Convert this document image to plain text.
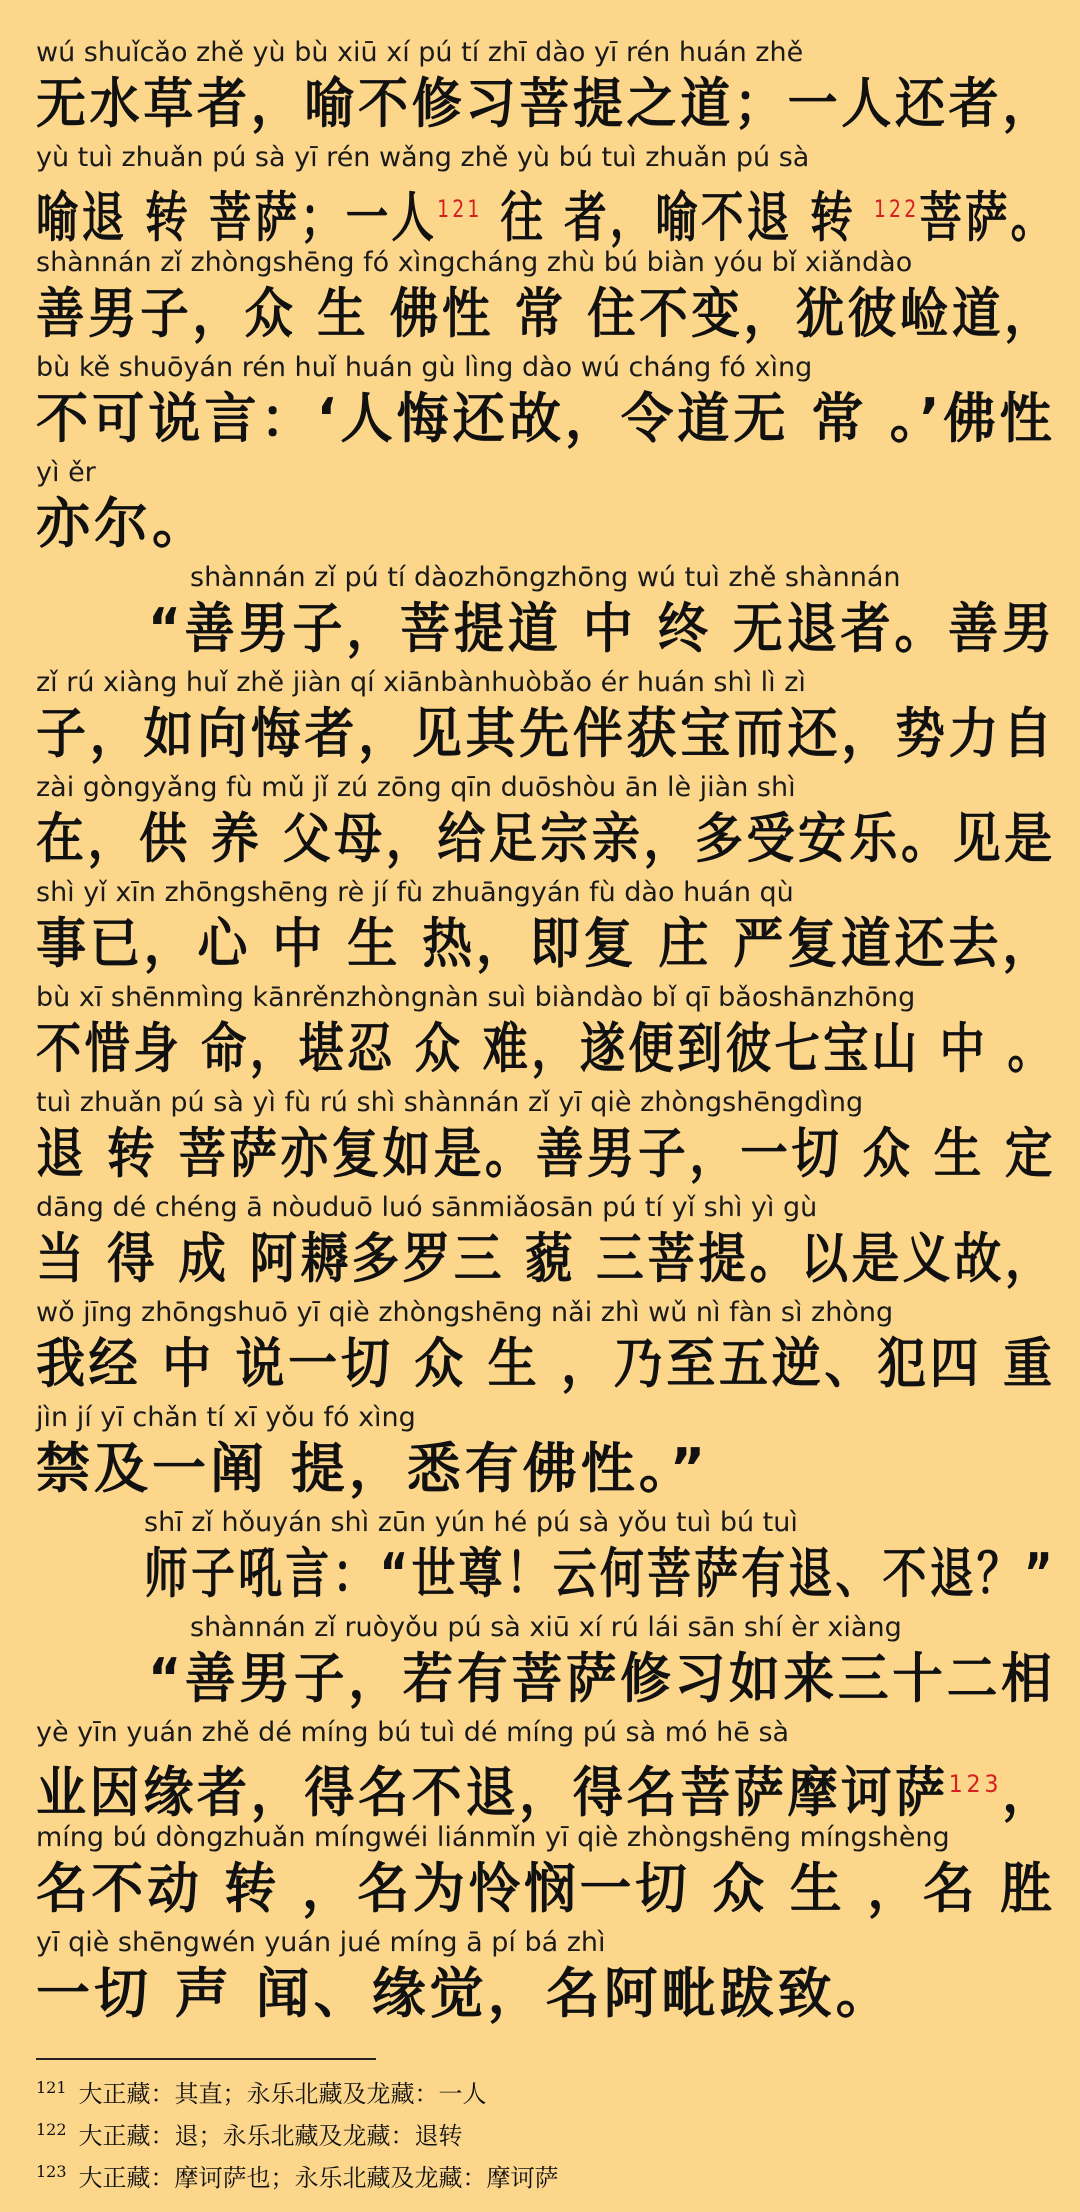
wú shuǐcǎo zhě yù bù xiū xí pú tí zhī dào yī rén huán zhě
无水草者，喻不修习菩提之道；一人还者，
yù tuì zhuǎn pú sà yī rén wǎng zhě yù bú tuì zhuǎn pú sà
喻退 转 菩萨；一人$^{121}$ 往 者，喻不退 转 $^{122}$菩萨。
shànnán zǐ zhòngshēng fó xìngcháng zhù bú biàn yóu bǐ xiǎndào
善男子，众 生 佛性 常 住不变，犹彼崄道，
bù kě shuōyán rén huǐ huán gù lìng dào wú cháng fó xìng
不可说言：‘人悔还故，令道无 常 。’佛性
yì ěr
亦尔。
shànnán zǐ pú tí dàozhōngzhōng wú tuì zhě shànnán
“善男子，菩提道 中 终 无退者。善男
zǐ rú xiàng huǐ zhě jiàn qí xiānbànhuòbǎo ér huán shì lì zì
子，如向悔者，见其先伴获宝而还，势力自
zài gòngyǎng fù mǔ jǐ zú zōng qīn duōshòu ān lè jiàn shì
在，供 养 父母，给足宗亲，多受安乐。见是
shì yǐ xīn zhōngshēng rè jí fù zhuāngyán fù dào huán qù
事已，心 中 生 热，即复 庄 严复道还去，
bù xī shēnmìng kānrěnzhòngnàn suì biàndào bǐ qī bǎoshānzhōng
不惜身 命，堪忍 众 难，遂便到彼七宝山 中 。
tuì zhuǎn pú sà yì fù rú shì shànnán zǐ yī qiè zhòngshēngdìng
退 转 菩萨亦复如是。善男子，一切 众 生 定
dāng dé chéng ā nòuduō luó sānmiǎosān pú tí yǐ shì yì gù
当 得 成 阿耨多罗三 藐 三菩提。以是义故，
wǒ jīng zhōngshuō yī qiè zhòngshēng nǎi zhì wǔ nì fàn sì zhòng
我经 中 说一切 众 生 ，乃至五逆、犯四 重
jìn jí yī chǎn tí xī yǒu fó xìng
禁及一阐 提，悉有佛性。”
shī zǐ hǒuyán shì zūn yún hé pú sà yǒu tuì bú tuì
师子吼言：“世尊！云何菩萨有退、不退？”
shànnán zǐ ruòyǒu pú sà xiū xí rú lái sān shí èr xiàng
“善男子，若有菩萨修习如来三十二相
yè yīn yuán zhě dé míng bú tuì dé míng pú sà mó hē sà
业因缘者，得名不退，得名菩萨摩诃萨$^{123}$，
míng bú dòngzhuǎn míngwéi liánmǐn yī qiè zhòngshēng míngshèng
名不动 转 ，名为怜悯一切 众 生 ，名 胜
yī qiè shēngwén yuán jué míng ā pí bá zhì
一切 声 闻、缘觉，名阿毗跋致。
$^{121}$ 大正藏：其直；永乐北藏及龙藏：一人
$^{122}$ 大正藏：退；永乐北藏及龙藏：退转
$^{123}$ 大正藏：摩诃萨也；永乐北藏及龙藏：摩诃萨
